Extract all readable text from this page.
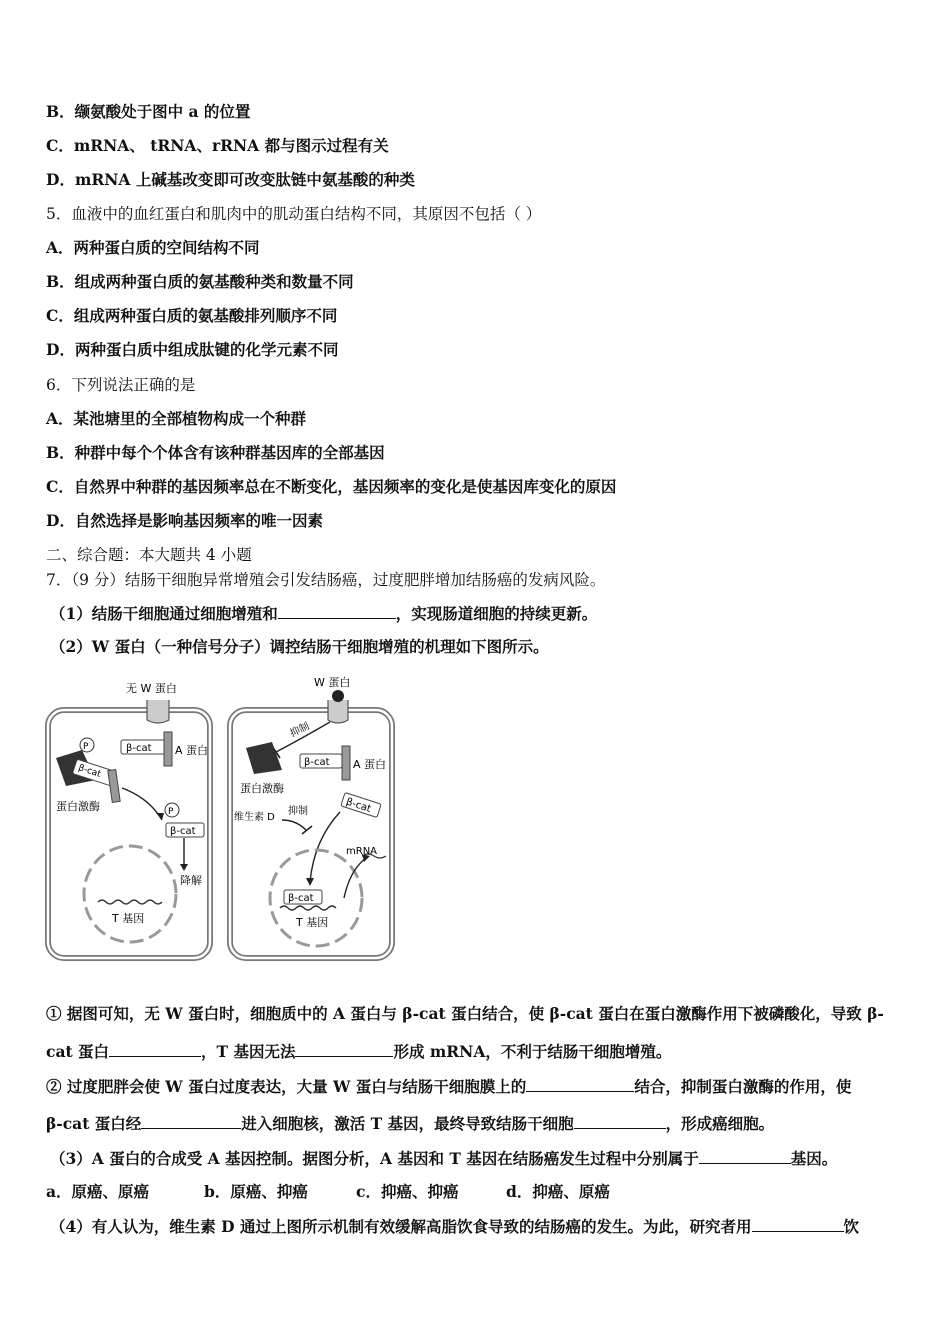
B．缬氨酸处于图中 a 的位置
C．mRNA、 tRNA、rRNA 都与图示过程有关
D．mRNA 上碱基改变即可改变肽链中氨基酸的种类
5．血液中的血红蛋白和肌肉中的肌动蛋白结构不同，其原因不包括（ ）
A．两种蛋白质的空间结构不同
B．组成两种蛋白质的氨基酸种类和数量不同
C．组成两种蛋白质的氨基酸排列顺序不同
D．两种蛋白质中组成肽键的化学元素不同
6．下列说法正确的是
A．某池塘里的全部植物构成一个种群
B．种群中每个个体含有该种群基因库的全部基因
C．自然界中种群的基因频率总在不断变化，基因频率的变化是使基因库变化的原因
D．自然选择是影响基因频率的唯一因素
二、综合题：本大题共 4 小题
7．（9 分）结肠干细胞异常增殖会引发结肠癌，过度肥胖增加结肠癌的发病风险。
（1）结肠干细胞通过细胞增殖和	，实现肠道细胞的持续更新。
（2）W 蛋白（一种信号分子）调控结肠干细胞增殖的机理如下图所示。
无 W 蛋白
β-cat A 蛋白
P
β-cat
蛋白激酶	P
β-cat
降解
T 基因
W 蛋白
抑制
蛋白激酶
β-cat A 蛋白
维生素 D
抑制	β-cat
β-cat
T 基因
mRNA
① 据图可知，无 W 蛋白时，细胞质中的 A 蛋白与 β-cat 蛋白结合，使 β-cat 蛋白在蛋白激酶作用下被磷酸化，导致 β-
cat 蛋白	，T 基因无法	形成 mRNA，不利于结肠干细胞增殖。
② 过度肥胖会使 W 蛋白过度表达，大量 W 蛋白与结肠干细胞膜上的	结合，抑制蛋白激酶的作用，使
β-cat 蛋白经	进入细胞核，激活 T 基因，最终导致结肠干细胞	，形成癌细胞。
（3）A 蛋白的合成受 A 基因控制。据图分析，A 基因和 T 基因在结肠癌发生过程中分别属于	基因。
a．原癌、原癌	b．原癌、抑癌	c．抑癌、抑癌	d．抑癌、原癌
（4）有人认为，维生素 D 通过上图所示机制有效缓解高脂饮食导致的结肠癌的发生。为此，研究者用	饮
